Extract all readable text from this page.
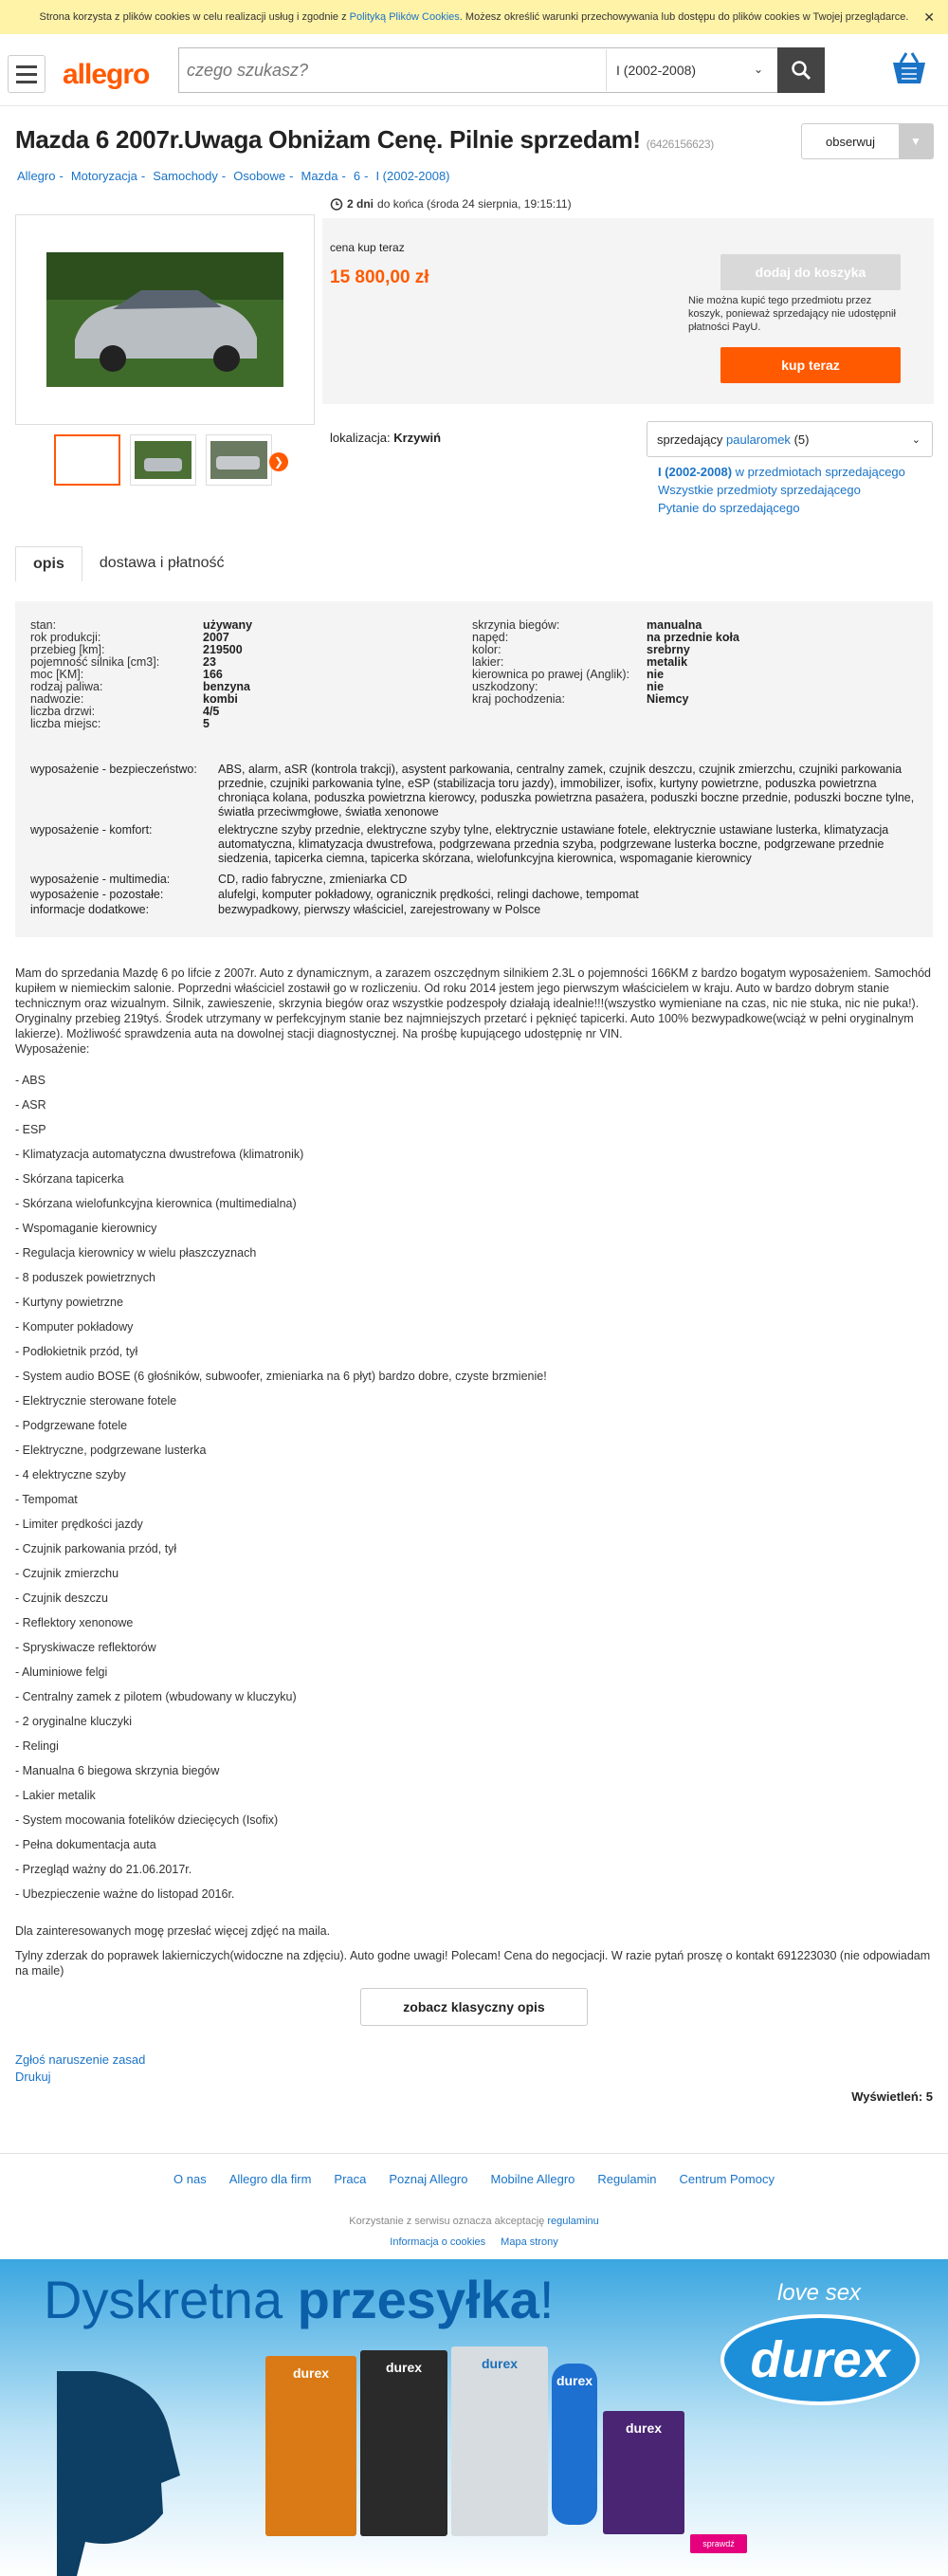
Strona korzysta z plików cookies w celu realizacji usług i zgodnie z Polityką Plików Cookies. Możesz określić warunki przechowywania lub dostępu do plików cookies w Twojej przeglądarce. ✕
allegro
czego szukasz?	I (2002-2008)	⌄
Mazda 6 2007r.Uwaga Obniżam Cenę. Pilnie sprzedam! (6426156623)	obserwuj	▼
Allegro - Motoryzacja - Samochody - Osobowe - Mazda - 6 - I (2002-2008)
❯
2 dni do końca (środa 24 sierpnia, 19:15:11)
cena kup teraz
15 800,00 zł	dodaj do koszyka
Nie można kupić tego przedmiotu przez koszyk, ponieważ sprzedający nie udostępnił płatności PayU.
kup teraz
lokalizacja: Krzywiń	sprzedający
paularomek
(5)	⌄
I (2002-2008) w przedmiotach sprzedającego
Wszystkie przedmioty sprzedającego
Pytanie do sprzedającego
opis	dostawa i płatność
stan:	używany
rok produkcji:	2007
przebieg [km]:	219500
pojemność silnika [cm3]:	23
moc [KM]:	166
rodzaj paliwa:	benzyna
nadwozie:	kombi
liczba drzwi:	4/5
liczba miejsc:	5
skrzynia biegów:	manualna
napęd:	na przednie koła
kolor:	srebrny
lakier:	metalik
kierownica po prawej (Anglik): nie
uszkodzony:	nie
kraj pochodzenia:	Niemcy
wyposażenie - bezpieczeństwo: ABS, alarm, aSR (kontrola trakcji), asystent parkowania, centralny zamek, czujnik deszczu, czujnik zmierzchu, czujniki parkowania przednie, czujniki parkowania tylne, eSP (stabilizacja toru jazdy), immobilizer, isofix, kurtyny powietrzne, poduszka powietrzna chroniąca kolana, poduszka powietrzna kierowcy, poduszka powietrzna pasażera, poduszki boczne przednie, poduszki boczne tylne, światła przeciwmgłowe, światła xenonowe
wyposażenie - komfort:	elektryczne szyby przednie, elektryczne szyby tylne, elektrycznie ustawiane fotele, elektrycznie ustawiane lusterka, klimatyzacja automatyczna, klimatyzacja dwustrefowa, podgrzewana przednia szyba, podgrzewane lusterka boczne, podgrzewane przednie siedzenia, tapicerka ciemna, tapicerka skórzana, wielofunkcyjna kierownica, wspomaganie kierownicy
wyposażenie - multimedia:	CD, radio fabryczne, zmieniarka CD
wyposażenie - pozostałe:	alufelgi, komputer pokładowy, ogranicznik prędkości, relingi dachowe, tempomat
informacje dodatkowe:	bezwypadkowy, pierwszy właściciel, zarejestrowany w Polsce

Mam do sprzedania Mazdę 6 po lifcie z 2007r. Auto z dynamicznym, a zarazem oszczędnym silnikiem 2.3L o pojemności 166KM z bardzo bogatym wyposażeniem. Samochód kupiłem w niemieckim salonie. Poprzedni właściciel zostawił go w rozliczeniu. Od roku 2014 jestem jego pierwszym właścicielem w kraju. Auto w bardzo dobrym stanie technicznym oraz wizualnym. Silnik, zawieszenie, skrzynia biegów oraz wszystkie podzespoły działają idealnie!!!(wszystko wymieniane na czas, nic nie stuka, nic nie puka!). Oryginalny przebieg 219tyś. Środek utrzymany w perfekcyjnym stanie bez najmniejszych przetarć i pęknięć tapicerki. Auto 100% bezwypadkowe(wciąż w pełni oryginalnym lakierze). Możliwość sprawdzenia auta na dowolnej stacji diagnostycznej. Na prośbę kupującego udostępnię nr VIN.

Wyposażenie:

- ABS
- ASR
- ESP
- Klimatyzacja automatyczna dwustrefowa (klimatronik)
- Skórzana tapicerka
- Skórzana wielofunkcyjna kierownica (multimedialna)
- Wspomaganie kierownicy
- Regulacja kierownicy w wielu płaszczyznach
- 8 poduszek powietrznych
- Kurtyny powietrzne
- Komputer pokładowy
- Podłokietnik przód, tył
- System audio BOSE (6 głośników, subwoofer, zmieniarka na 6 płyt) bardzo dobre, czyste brzmienie!
- Elektrycznie sterowane fotele
- Podgrzewane fotele
- Elektryczne, podgrzewane lusterka
- 4 elektryczne szyby
- Tempomat
- Limiter prędkości jazdy
- Czujnik parkowania przód, tył
- Czujnik zmierzchu
- Czujnik deszczu
- Reflektory xenonowe
- Spryskiwacze reflektorów
- Aluminiowe felgi
- Centralny zamek z pilotem (wbudowany w kluczyku)
- 2 oryginalne kluczyki
- Relingi
- Manualna 6 biegowa skrzynia biegów
- Lakier metalik
- System mocowania fotelików dziecięcych (Isofix)
- Pełna dokumentacja auta
- Przegląd ważny do 21.06.2017r.
- Ubezpieczenie ważne do listopad 2016r.
Dla zainteresowanych mogę przesłać więcej zdjęć na maila.
Tylny zderzak do poprawek lakierniczych(widoczne na zdjęciu). Auto godne uwagi! Polecam! Cena do negocjacji. W razie pytań proszę o kontakt 691223030 (nie odpowiadam na maile)
zobacz klasyczny opis
Zgłoś naruszenie zasad
Drukuj
Wyświetleń: 5
O nas Allegro dla firm Praca Poznaj Allegro Mobilne Allegro Regulamin Centrum Pomocy
Korzystanie z serwisu oznacza akceptację regulaminu
Informacja o cookies Mapa strony
Dyskretna przesyłka!	love sex
durex
durex	durex	durex
durex
durex
sprawdź
